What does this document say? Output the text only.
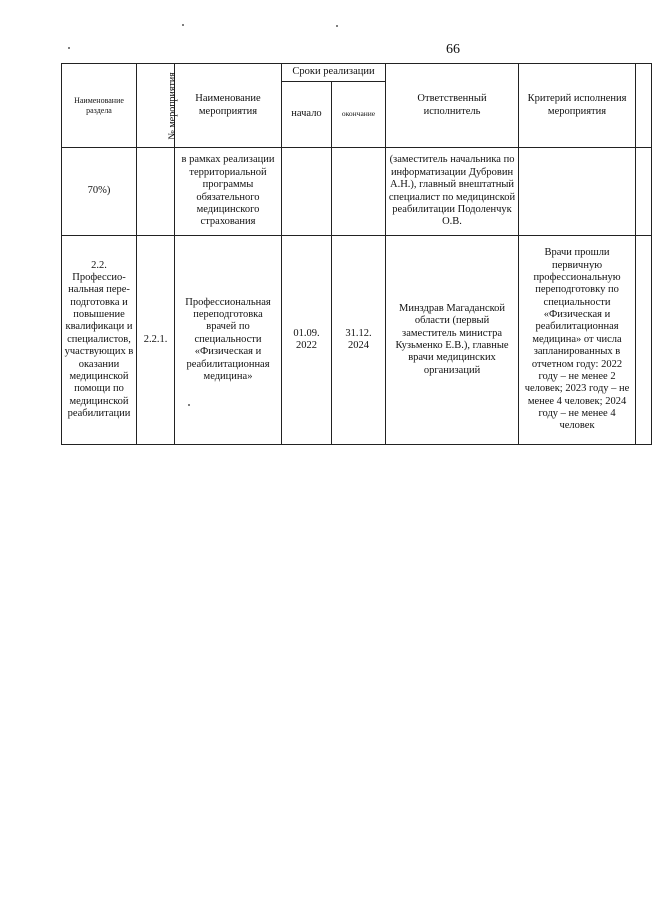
66
Наименование раздела	№ мероприятия	Наименование мероприятия	Сроки реализации		Ответственный исполнитель	Критерий исполнения мероприятия	
			начало	окончание			
70%)		в рамках реализации территориальной программы обязательного медицинского страхования			(заместитель начальника по информатизации Дубровин А.Н.), главный внештатный специалист по медицинской реабилитации Подоленчук О.В.		
2.2. Профессио-нальная пере-подготовка и повышение квалификаци и специалистов, участвующих в оказании медицинской помощи по медицинской реабилитации	2.2.1.	Профессиональная переподготовка врачей по специальности «Физическая и реабилитационная медицина»	01.09. 2022	31.12. 2024	Минздрав Магаданской области (первый заместитель министра Кузьменко Е.В.), главные врачи медицинских организаций	Врачи прошли первичную профессиональную переподготовку по специальности «Физическая и реабилитационная медицина» от числа запланированных в отчетном году: 2022 году – не менее 2 человек; 2023 году – не менее 4 человек; 2024 году – не менее 4 человек	
